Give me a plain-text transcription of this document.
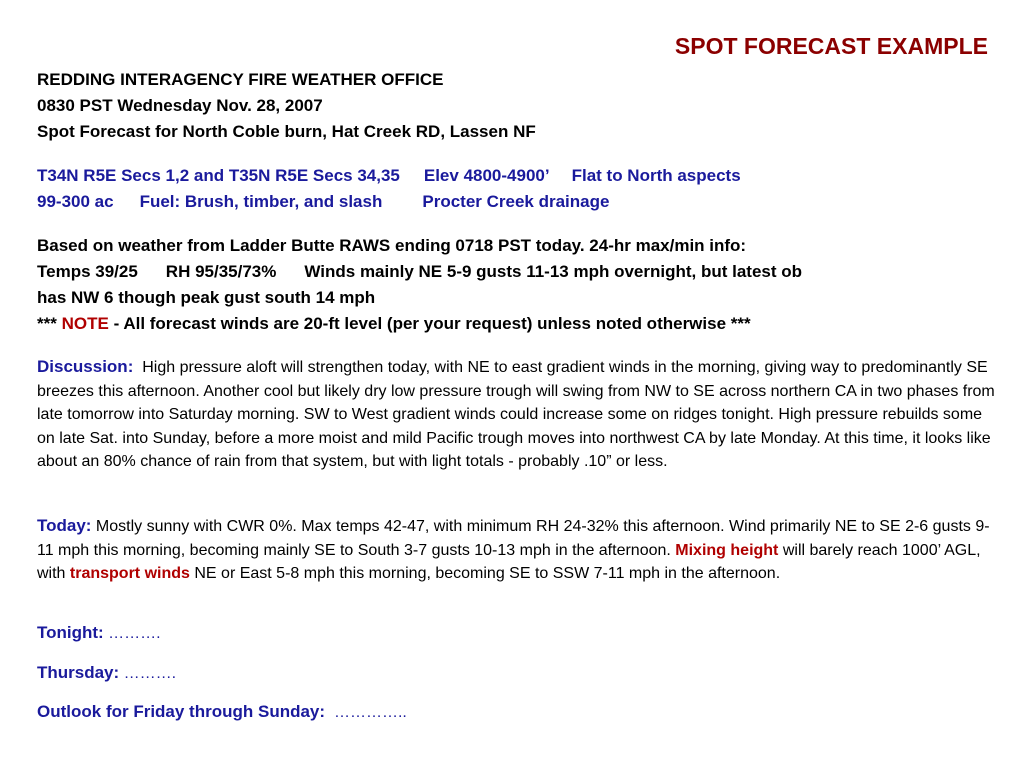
SPOT FORECAST EXAMPLE
REDDING INTERAGENCY FIRE WEATHER OFFICE
0830 PST Wednesday Nov. 28, 2007
Spot Forecast for North Coble burn, Hat Creek RD, Lassen NF
T34N R5E Secs 1,2 and T35N R5E Secs 34,35 Elev 4800-4900’ Flat to North aspects
99-300 ac Fuel: Brush, timber, and slash Procter Creek drainage
Based on weather from Ladder Butte RAWS ending 0718 PST today. 24-hr max/min info:
Temps 39/25 RH 95/35/73% Winds mainly NE 5-9 gusts 11-13 mph overnight, but latest ob
has NW 6 though peak gust south 14 mph
*** NOTE - All forecast winds are 20-ft level (per your request) unless noted otherwise ***
Discussion: High pressure aloft will strengthen today, with NE to east gradient winds in the morning, giving way to predominantly SE breezes this afternoon. Another cool but likely dry low pressure trough will swing from NW to SE across northern CA in two phases from late tomorrow into Saturday morning. SW to West gradient winds could increase some on ridges tonight. High pressure rebuilds some on late Sat. into Sunday, before a more moist and mild Pacific trough moves into northwest CA by late Monday. At this time, it looks like about an 80% chance of rain from that system, but with light totals - probably .10” or less.
Today: Mostly sunny with CWR 0%. Max temps 42-47, with minimum RH 24-32% this afternoon. Wind primarily NE to SE 2-6 gusts 9-11 mph this morning, becoming mainly SE to South 3-7 gusts 10-13 mph in the afternoon. Mixing height will barely reach 1000’ AGL, with transport winds NE or East 5-8 mph this morning, becoming SE to SSW 7-11 mph in the afternoon.
Tonight: ……….
Thursday: ……….
Outlook for Friday through Sunday: …………..
